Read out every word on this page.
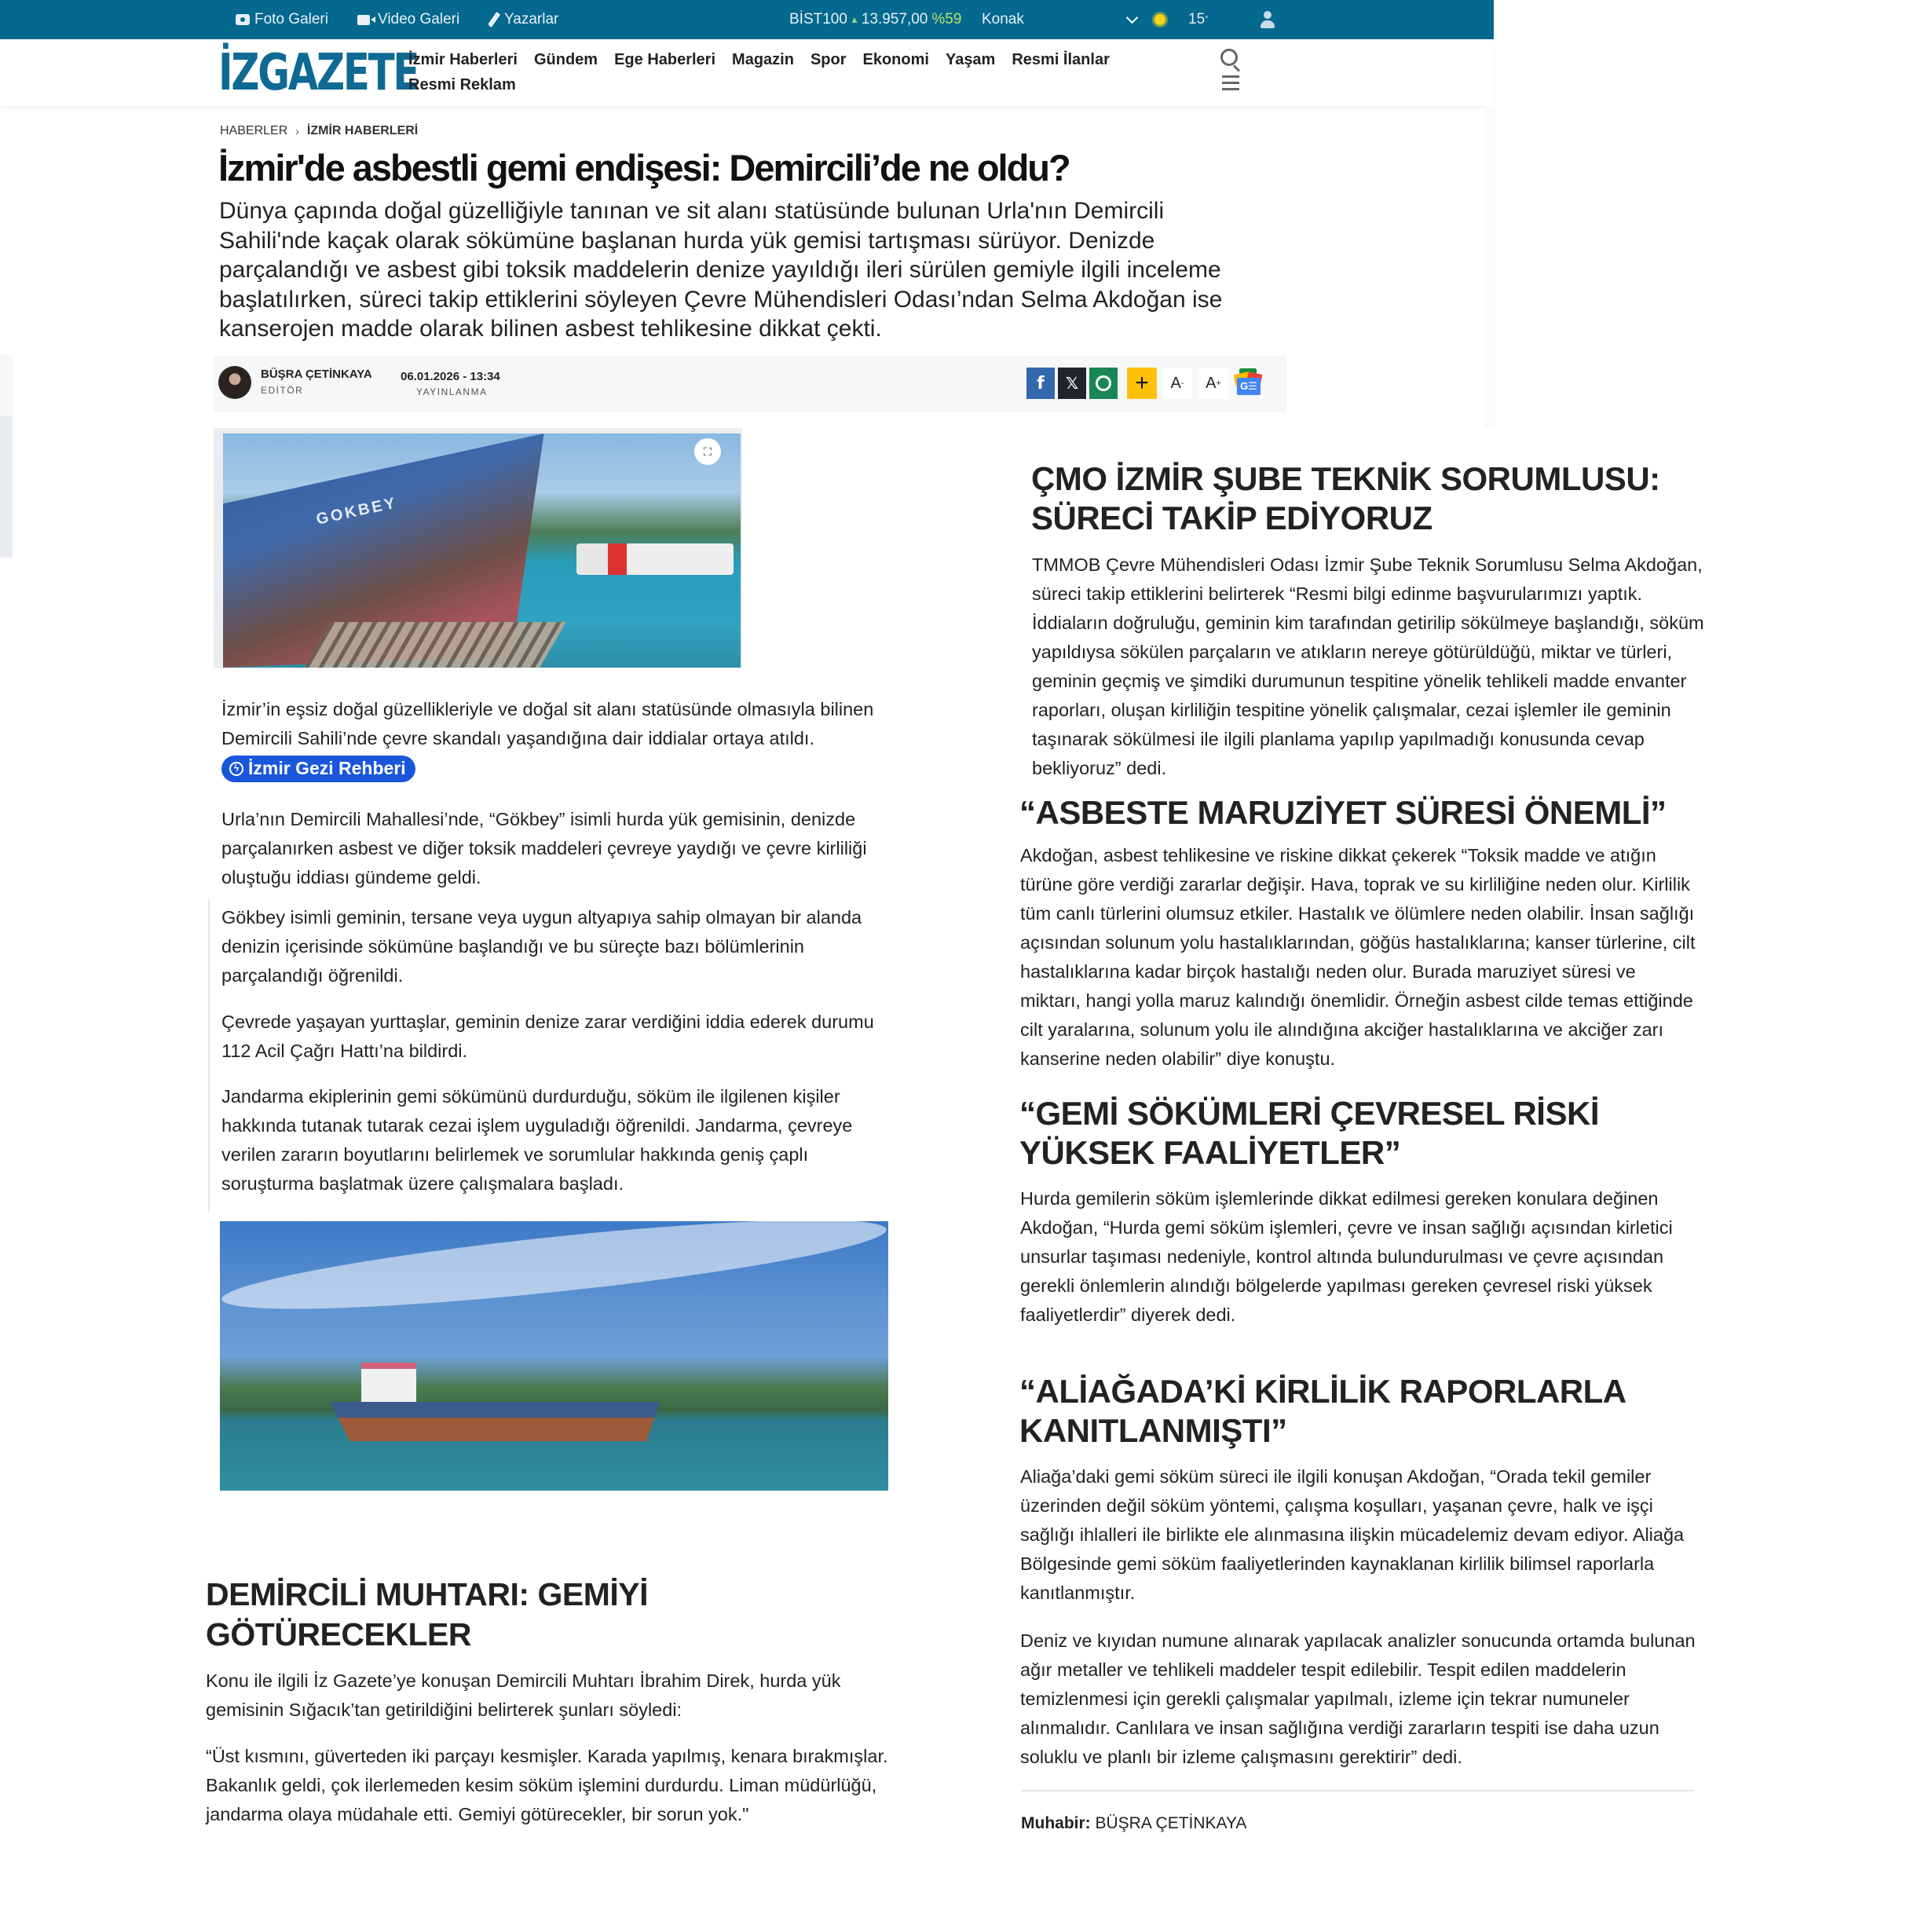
Foto Galeri	Video Galeri	Yazarlar	BİST100 ▲ 13.957,00 %59 Konak	15 °
İZGAZETE
İzmir Haberleri Gündem Ege Haberleri Magazin Spor Ekonomi Yaşam Resmi İlanlar
Resmi Reklam
HABERLER › İZMİR HABERLERİ
İzmir'de asbestli gemi endişesi: Demircili’de ne oldu?

Dünya çapında doğal güzelliğiyle tanınan ve sit alanı statüsünde bulunan Urla'nın Demircili Sahili'nde kaçak olarak sökümüne başlanan hurda yük gemisi tartışması sürüyor. Denizde parçalandığı ve asbest gibi toksik maddelerin denize yayıldığı ileri sürülen gemiyle ilgili inceleme başlatılırken, süreci takip ettiklerini söyleyen Çevre Mühendisleri Odası’ndan Selma Akdoğan ise kanserojen madde olarak bilinen asbest tehlikesine dikkat çekti.

BÜŞRA ÇETİNKAYA
EDİTÖR
06.01.2026 - 13:34
YAYINLANMA	f 𝕏 + A - A +	G☰
GOKBEY
⛶

İzmir’in eşsiz doğal güzellikleriyle ve doğal sit alanı statüsünde olmasıyla bilinen Demircili Sahili’nde çevre skandalı yaşandığına dair iddialar ortaya atıldı.
ϟ İzmir Gezi Rehberi

Urla’nın Demircili Mahallesi’nde, “Gökbey” isimli hurda yük gemisinin, denizde parçalanırken asbest ve diğer toksik maddeleri çevreye yaydığı ve çevre kirliliği oluştuğu iddiası gündeme geldi.

Gökbey isimli geminin, tersane veya uygun altyapıya sahip olmayan bir alanda denizin içerisinde sökümüne başlandığı ve bu süreçte bazı bölümlerinin parçalandığı öğrenildi.

Çevrede yaşayan yurttaşlar, geminin denize zarar verdiğini iddia ederek durumu 112 Acil Çağrı Hattı’na bildirdi.

Jandarma ekiplerinin gemi sökümünü durdurduğu, söküm ile ilgilenen kişiler hakkında tutanak tutarak cezai işlem uyguladığı öğrenildi. Jandarma, çevreye verilen zararın boyutlarını belirlemek ve sorumlular hakkında geniş çaplı soruşturma başlatmak üzere çalışmalara başladı.

DEMİRCİLİ MUHTARI: GEMİYİ GÖTÜRECEKLER

Konu ile ilgili İz Gazete’ye konuşan Demircili Muhtarı İbrahim Direk, hurda yük gemisinin Sığacık’tan getirildiğini belirterek şunları söyledi:

“Üst kısmını, güverteden iki parçayı kesmişler. Karada yapılmış, kenara bırakmışlar. Bakanlık geldi, çok ilerlemeden kesim söküm işlemini durdurdu. Liman müdürlüğü, jandarma olaya müdahale etti. Gemiyi götürecekler, bir sorun yok."

ÇMO İZMİR ŞUBE TEKNİK SORUMLUSU: SÜRECİ TAKİP EDİYORUZ

TMMOB Çevre Mühendisleri Odası İzmir Şube Teknik Sorumlusu Selma Akdoğan, süreci takip ettiklerini belirterek “Resmi bilgi edinme başvurularımızı yaptık. İddiaların doğruluğu, geminin kim tarafından getirilip sökülmeye başlandığı, söküm yapıldıysa sökülen parçaların ve atıkların nereye götürüldüğü, miktar ve türleri, geminin geçmiş ve şimdiki durumunun tespitine yönelik tehlikeli madde envanter raporları, oluşan kirliliğin tespitine yönelik çalışmalar, cezai işlemler ile geminin taşınarak sökülmesi ile ilgili planlama yapılıp yapılmadığı konusunda cevap bekliyoruz” dedi.

“ASBESTE MARUZİYET SÜRESİ ÖNEMLİ”

Akdoğan, asbest tehlikesine ve riskine dikkat çekerek “Toksik madde ve atığın türüne göre verdiği zararlar değişir. Hava, toprak ve su kirliliğine neden olur. Kirlilik tüm canlı türlerini olumsuz etkiler. Hastalık ve ölümlere neden olabilir. İnsan sağlığı açısından solunum yolu hastalıklarından, göğüs hastalıklarına; kanser türlerine, cilt hastalıklarına kadar birçok hastalığı neden olur. Burada maruziyet süresi ve miktarı, hangi yolla maruz kalındığı önemlidir. Örneğin asbest cilde temas ettiğinde cilt yaralarına, solunum yolu ile alındığına akciğer hastalıklarına ve akciğer zarı kanserine neden olabilir” diye konuştu.

“GEMİ SÖKÜMLERİ ÇEVRESEL RİSKİ YÜKSEK FAALİYETLER”

Hurda gemilerin söküm işlemlerinde dikkat edilmesi gereken konulara değinen Akdoğan, “Hurda gemi söküm işlemleri, çevre ve insan sağlığı açısından kirletici unsurlar taşıması nedeniyle, kontrol altında bulundurulması ve çevre açısından gerekli önlemlerin alındığı bölgelerde yapılması gereken çevresel riski yüksek faaliyetlerdir” diyerek dedi.

“ALİAĞADA’Kİ KİRLİLİK RAPORLARLA KANITLANMIŞTI”

Aliağa’daki gemi söküm süreci ile ilgili konuşan Akdoğan, “Orada tekil gemiler üzerinden değil söküm yöntemi, çalışma koşulları, yaşanan çevre, halk ve işçi sağlığı ihlalleri ile birlikte ele alınmasına ilişkin mücadelemiz devam ediyor. Aliağa Bölgesinde gemi söküm faaliyetlerinden kaynaklanan kirlilik bilimsel raporlarla kanıtlanmıştır.

Deniz ve kıyıdan numune alınarak yapılacak analizler sonucunda ortamda bulunan ağır metaller ve tehlikeli maddeler tespit edilebilir. Tespit edilen maddelerin temizlenmesi için gerekli çalışmalar yapılmalı, izleme için tekrar numuneler alınmalıdır. Canlılara ve insan sağlığına verdiği zararların tespiti ise daha uzun soluklu ve planlı bir izleme çalışmasını gerektirir” dedi.

Muhabir: BÜŞRA ÇETİNKAYA
